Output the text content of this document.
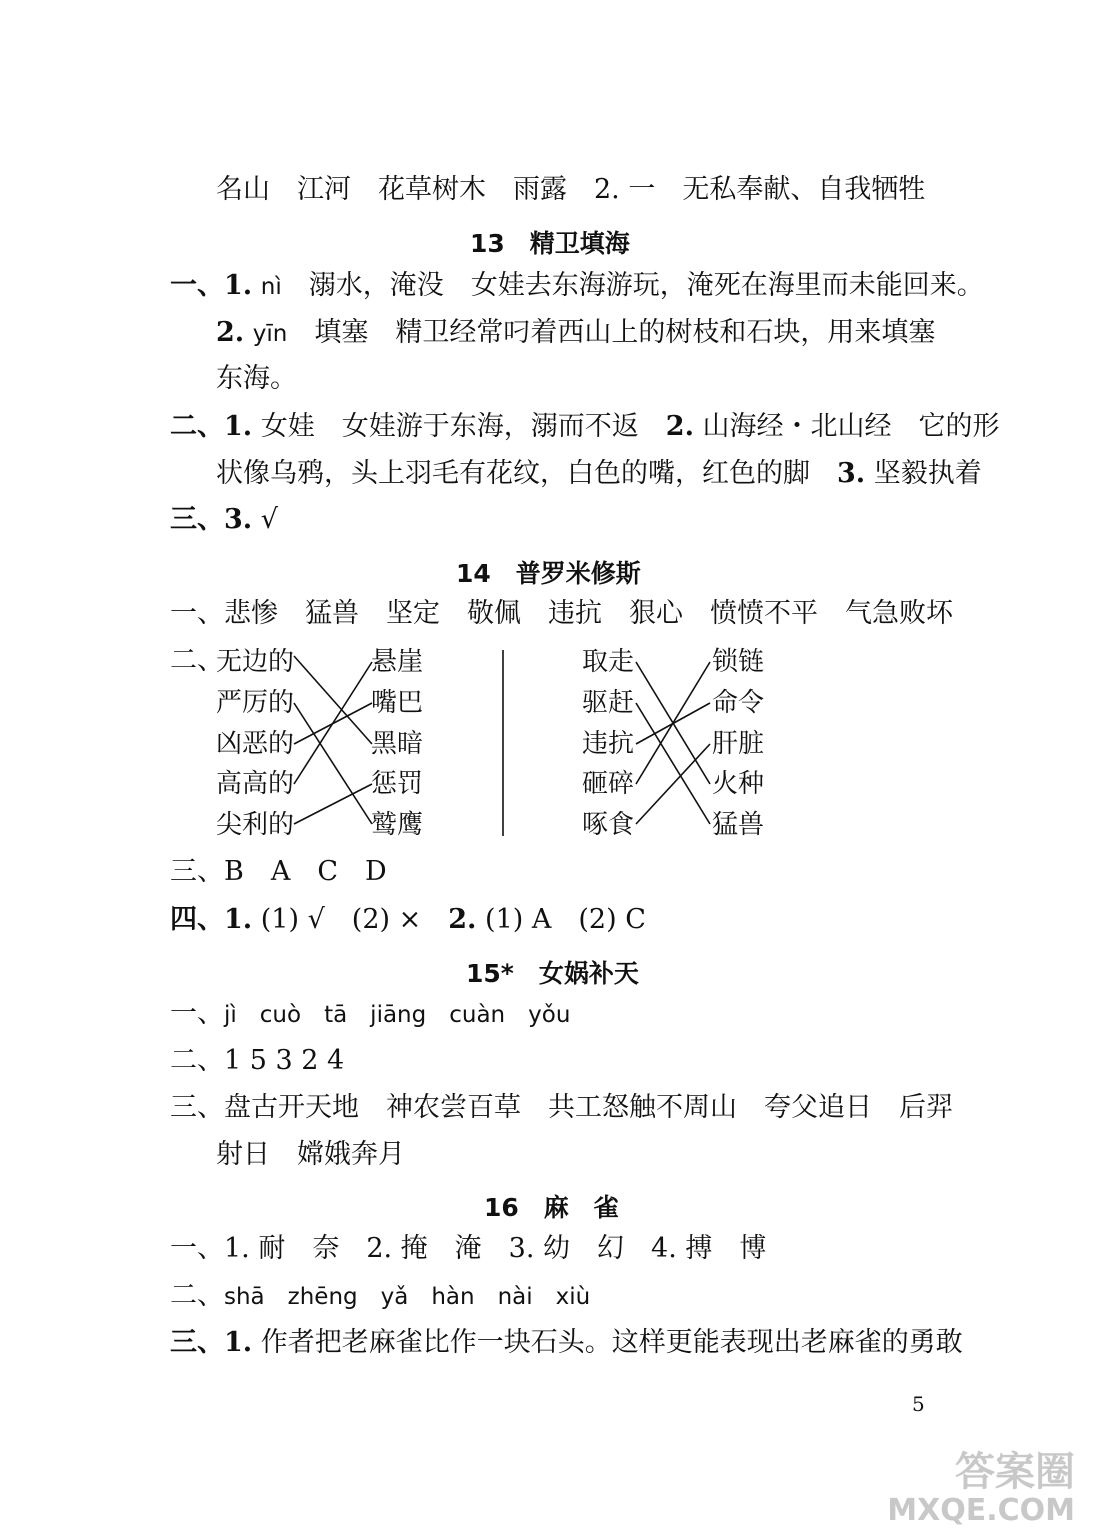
名山　江河　花草树木　雨露　2. 一　无私奉献、自我牺牲
13　精卫填海
一、1. nì　溺水，淹没　女娃去东海游玩，淹死在海里而未能回来。
2. yīn　填塞　精卫经常叼着西山上的树枝和石块，用来填塞
东海。
二、1. 女娃　女娃游于东海，溺而不返　2. 山海经・北山经　它的形
状像乌鸦，头上羽毛有花纹，白色的嘴，红色的脚　3. 坚毅执着
三、3. √
14　普罗米修斯
一、悲惨　猛兽　坚定　敬佩　违抗　狠心　愤愤不平　气急败坏
二、
无边的
严厉的
凶恶的
高高的
尖利的
悬崖
嘴巴
黑暗
惩罚
鹫鹰
取走
驱赶
违抗
砸碎
啄食
锁链
命令
肝脏
火种
猛兽
三、B　A　C　D
四、1. (1) √　(2) ×　2. (1) A　(2) C
15*　女娲补天
一、jì　cuò　tā　jiāng　cuàn　yǒu
二、1 5 3 2 4
三、盘古开天地　神农尝百草　共工怒触不周山　夸父追日　后羿
射日　嫦娥奔月
16　麻　雀
一、1. 耐　奈　2. 掩　淹　3. 幼　幻　4. 搏　博
二、shā　zhēng　yǎ　hàn　nài　xiù
三、1. 作者把老麻雀比作一块石头。这样更能表现出老麻雀的勇敢
5
答案圈
MXQE.COM
